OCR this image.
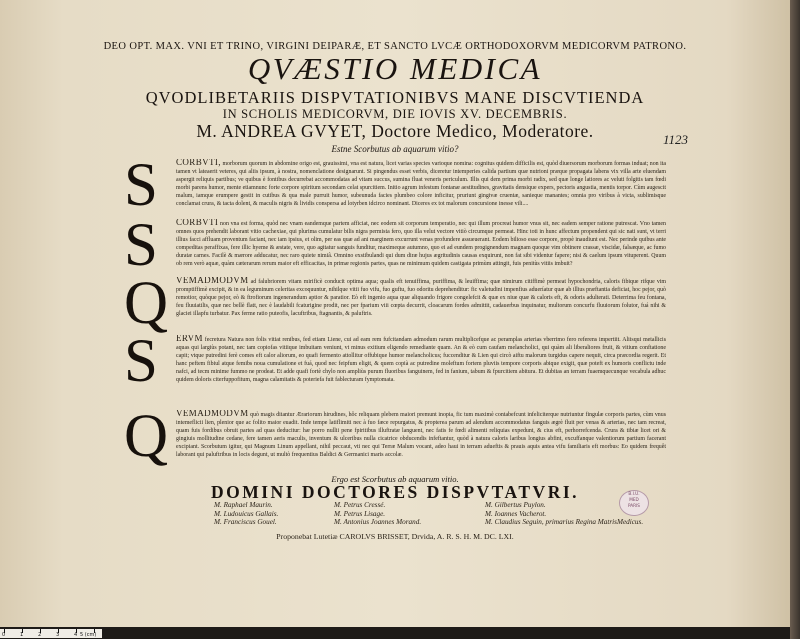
0	1	2	3	4 5 (cm)
DEO OPT. MAX. VNI ET TRINO, VIRGINI DEIPARÆ, ET SANCTO LVCÆ ORTHODOXORVM MEDICORVM PATRONO.
QVÆSTIO MEDICA
QVODLIBETARIIS DISPVTATIONIBVS MANE DISCVTIENDA
IN SCHOLIS MEDICORVM, DIE IOVIS XV. DECEMBRIS.
M. ANDREA GVYET, Doctore Medico, Moderatore.
Estne Scorbutus ab aquarum vitio?
1123
S CORBVTI, morborum quorum in abdomine origo est, grauissimi, vna est natura, licet varias species varioque nomina: cognitus quidem difficilis est, quòd diuersorum morborum formas induat; non ita tamen vt lateaerit veteres, qui aliis ipsum, à nostra, nomenclatione designarunt. Si pingendus esset verbis, diceretur intemperies calida partium quæ nutrioni præque propagata labens vix villa arte eluendam aspergit reliquis partibus; ve quibus è fontibus decurrebat accommodatas ad vitam succus, sumina fluat veneris periculum. Illis qui dem prima morbi radix, sed quæ longe latiores ac veluti folgitis tam fœdi morbi parens humor, mente etiamnunc forte corpore spiritum secondam celat spurcitiem. Initio agrum infestum fontanæ aestitudines, gravitatis densique expers, pectoris angustia, mentis torpor. Cùm augescit malum, iamque erumpere gestit in cutibus & qua male purruit humor, subeunuda facies plumbeo colore inficitur, pruriunt gingivæ cruentæ, sanieque manantes; omnia pro viribus à victa, sublimisque conclamat crura, & tacta dolent, & maculis nigris & lividis conspersa ad lotyrben idcirco nominant. Diceres ex tot malorum concursione inesse vili....
S CORBVTI non vna est forma, quòd nec vnam eandemque partem afficiat, nec eodem sit corporum temperatio, nec qui illum procreat humor vnus sit, nec eadem semper ratione putrescat. Vno tamen omnes quos prehendit laborant vitio cachexiae, qui plurima cumulatur bilis nigra permista fero, quo illa velut vectore vitiò circumque permeat. Hinc toti in hunc affectum propendent qui sic nati sunt, vt terri illius facci affluam proventum faciant, nec iam ipsius, et olim, per eas quæ ad ani marginem excurrunt venas profundere assueuerant. Eodem bilioso esse corpore, propè inaudiunt est. Nec perinde quibus ante compeditas peraffixas, fere illic hyeme & æstate, vere, quo agitatur sanguis funditur, maximeque autumno, quo ei ad eundem progignendum magnam quoque vim obtinere crassæ, viscidæ, falsæque, ac fumo duratæ carnes. Facilè & mærore adducatur, nec raro quiete nimiâ. Omnino exstibulandi qui dum diræ hujus ægritudinis causas exquirunt, non fat sibi videntur fapere; nisi & caelum ipsum vituperent. Quum ob rem verò aquæ, quàm cæterarum rerum maior eft efficacitas, in primæ regionis partes, quas ne minimum quidem castigata primùm attingit, fuis penitùs vitiis imbuit?
Q VEMADMODVM ad falubriorem vitam mirificè conducit optima aqua; qualis eft tenuiffima, puriffima, & leuiffima; quæ nimirum citiffimè permeat hypochondria, caloris fibique rifque vim promptiffimè excipit, & in ea leguminum celeritas excoquuntur, nihilque vitii fuo vifu, fuo guftu, fuo odoritu deprehenditur: fic valetudini impenfius adueríatur quæ ab illius præftantia deficiat, hoc pejor, quò remotior, quòque pejor, eò & ftrofiorum ingenerandum aptior & paratior. Eò eft ingenio aqua quæ aliquando frigore congelefcit & quæ ex niue quæ & caloris eft, & odoris adulterati. Deterrima feu fontana, feu fluuiatilis, quæ nec bellè flatt, nec è laudabili fcaturigine prodit, nec per fparium viii cœpta decurrit, cloacarum fordes admittit, cadauerbus inquinatur, multorum concurfu fluuiorum folutor, fuá nihi & glaciei illapfu turbatur. Pax ferme ratio puteofis, lacuftribus, ftagnantis, & paluftris.
S ERVM fecretura Natura non folis vitiat renibus, fed etiam Liene, cui ad eam rem fufcitandam admodum rarum multiplicefque ac peramplas arterias vberrimo fero referens impertiit. Aliisqui metallicis aquas qui largiùs potant, nec tam copiofas vitiique imbuitam veniunt, vt minus exitium eligendo remediante quam. An & eò cum caufam melancholici, qui quàm ali liberaliores fruit, & vitium conftatione capit; vtque putredini ferè comes eft calor aliorum, eo quafi fermento attollitur offubique humor melancholicus; fuccenditur & Lien qui circò aiftu malorum turgidus capere nequit, circa præcordia regerit. Et hanc peftem fibiul atque femibs noua cumulatione et fuá, quod nec feipfum eligit, & quem copià ac putredine moleftum fortem pluviis tempore corporis abique exigit, quæ poteft ex humoris conflictu inde nafci, ad tecm minime fummo ne prodeat. Et adde quafi fortè chylo non ampliùs purum fluoribus fanguinem, fed in fanium, tabum & fpurcitiem abitura. Et dubitas an terram fuaemquecunque vecabula adhuc quidem doloris citerfuppofitum, magna calamitatis & poteriefa fuit fablecturam fymptomata.
Q VEMADMODVM quò magis ditantur Ærariorum hirudines, hôc reliquam plebem maiori premunt inopia, fic tum maximè contabefcunt infeliciterque nutriuntur fingulæ corporis partes, cùm vnus intemeflicii lien, plenior que ac folito maior euadit. Inde tempe latiflimiti nec à fuo fæce repurgatus, & propterea parum ad alendum accommodatus fanguis ægrè fluit per venas & arterias, nec tam recreat, quam fuis fordibus obruit partes ad quas deducitur: hæ porro nullii pene fpiritibus illuftratæ languent, nec fatis fe fœdi alimenti reliquias expedunt, & cius eft, perhorrefcenda. Crura & tibiæ licet ori & gingiuis mollitudine cedane, fere tamen aeris maculis, inventum & ulceribus nulla cicatrice obducendis infeftantur, quòd à natura caloris laribus longius abfint, excuffanque valentiorum partium facerant excipiant. Scorbutum igitur, qui Magnum Linum appellant, nihil peccaut, vti nec qui Terræ Malum vocant, adeo haui in terram adueftis & prauis aquis antea vifu familiaris eft morbus: Eo quidem frequêt laborant qui paluftribus in locis degunt, ut multò frequentius Baldici & Germanici maris accolæ.
Ergo est Scorbutus ab aquarum vitio.
DOMINI DOCTORES DISPVTATVRI.
M. Raphael Maurin.
M. Ludouicus Gallais.
M. Franciscus Gouel.
M. Petrus Cressé.
M. Petrus Lisage.
M. Antonius Joannes Morand.
M. Gilbertus Puylon.
M. Ioannes Vacherot.
M. Claudius Seguin, primarius Regina MatrisMedicus.
Proponebat Lutetiæ CAROLVS BRISSET, Drvida, A. R. S. H. M. DC. LXI.
B.I.U.
MED
PARIS
